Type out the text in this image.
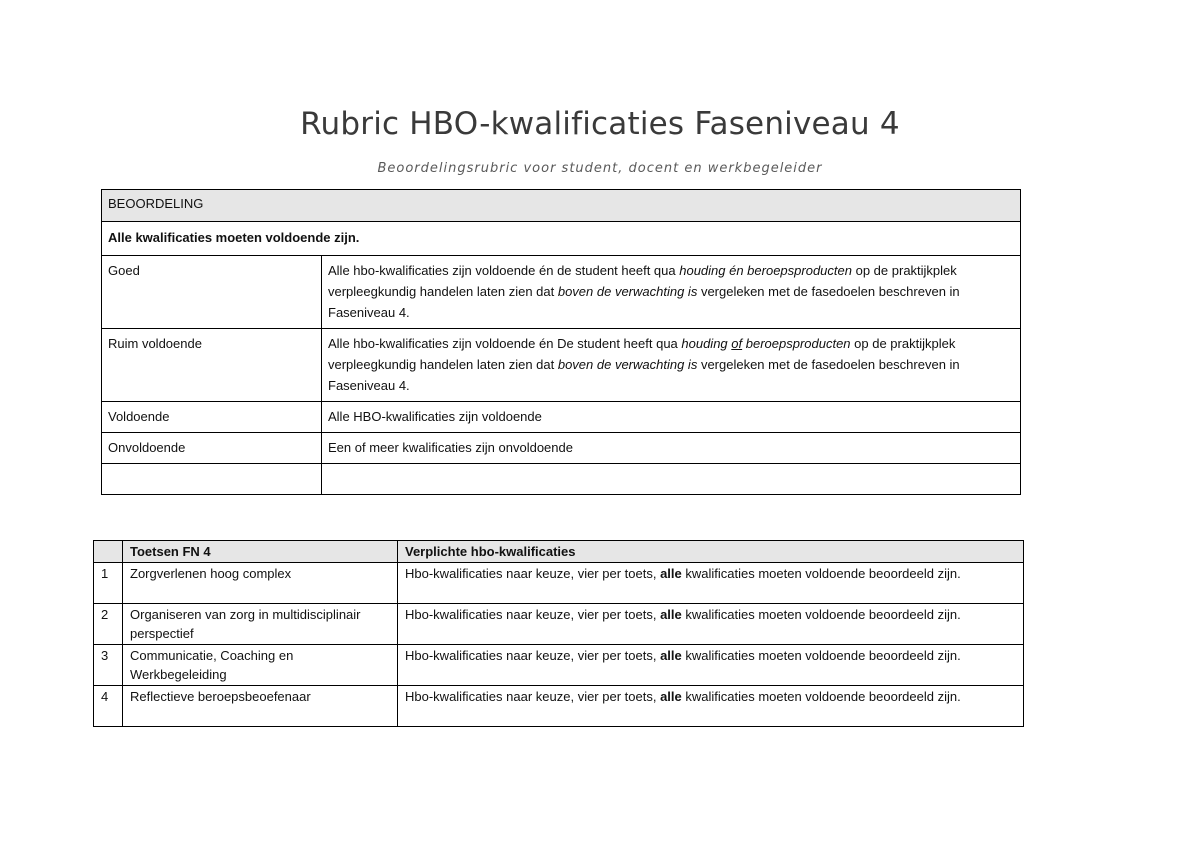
Rubric HBO-kwalificaties Faseniveau 4
Beoordelingsrubric voor student, docent en werkbegeleider
BEOORDELING	
Alle kwalificaties moeten voldoende zijn.	
Goed	Alle hbo-kwalificaties zijn voldoende én de student heeft qua houding én beroepsproducten op de praktijkplek verpleegkundig handelen laten zien dat boven de verwachting is vergeleken met de fasedoelen beschreven in Faseniveau 4.
Ruim voldoende	Alle hbo-kwalificaties zijn voldoende én De student heeft qua houding of beroepsproducten op de praktijkplek verpleegkundig handelen laten zien dat boven de verwachting is vergeleken met de fasedoelen beschreven in Faseniveau 4.
Voldoende	Alle HBO-kwalificaties zijn voldoende
Onvoldoende	Een of meer kwalificaties zijn onvoldoende

	Toetsen FN 4	Verplichte hbo-kwalificaties
1	Zorgverlenen hoog complex	Hbo-kwalificaties naar keuze, vier per toets, alle kwalificaties moeten voldoende beoordeeld zijn.
2	Organiseren van zorg in multidisciplinair perspectief	Hbo-kwalificaties naar keuze, vier per toets, alle kwalificaties moeten voldoende beoordeeld zijn.
3	Communicatie, Coaching en Werkbegeleiding	Hbo-kwalificaties naar keuze, vier per toets, alle kwalificaties moeten voldoende beoordeeld zijn.
4	Reflectieve beroepsbeoefenaar	Hbo-kwalificaties naar keuze, vier per toets, alle kwalificaties moeten voldoende beoordeeld zijn.
